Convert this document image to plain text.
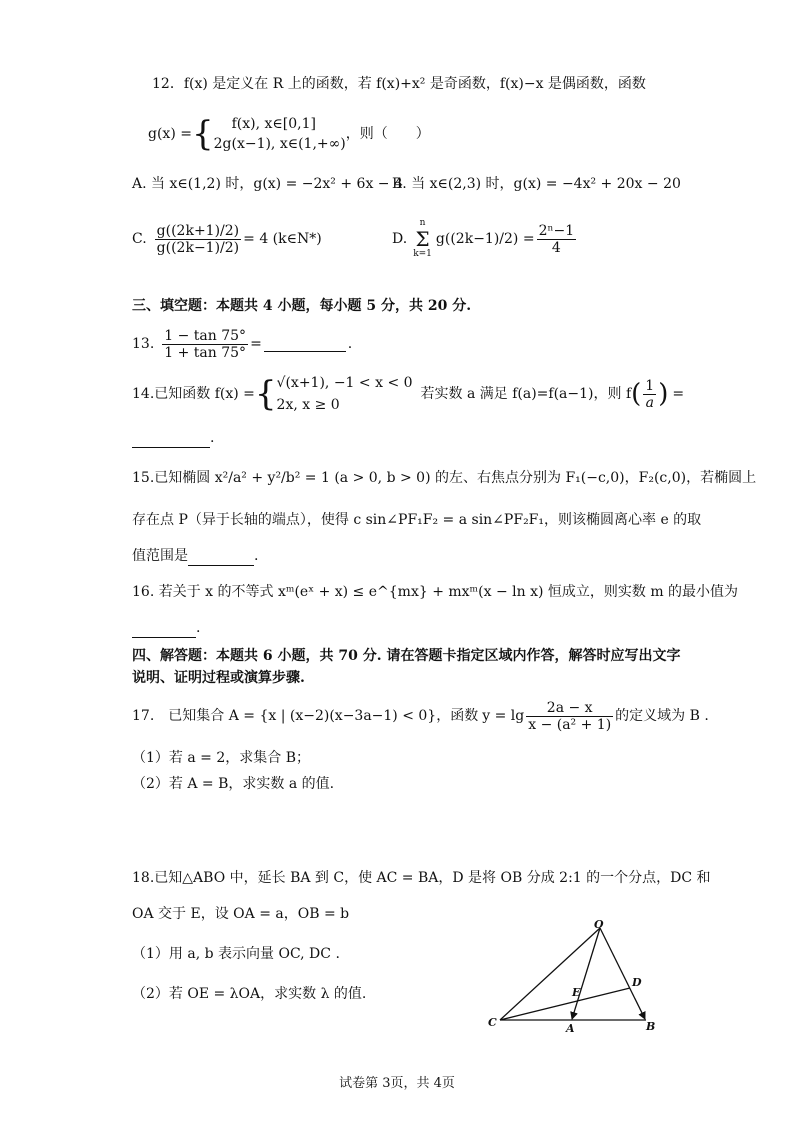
12．f(x) 是定义在 R 上的函数，若 f(x)+x² 是奇函数，f(x)−x 是偶函数，函数
g(x) = {	f(x), x∈[0,1]
2g(x−1), x∈(1,+∞)
，则（　　）
A. 当 x∈(1,2) 时，g(x) = −2x² + 6x − 4
B. 当 x∈(2,3) 时，g(x) = −4x² + 20x − 20
C. $\frac{g((2k+1)/2)}{g((2k-1)/2)} = 4$ (k∈N*)	D.
n
Σ
k=1
$g((2k-1)/2) = \frac{\text{2ⁿ−1}}{4}$
三、填空题：本题共 4 小题，每小题 5 分，共 20 分.
13. $\frac{1 - \tan 75^\circ}{1 + \tan 75^\circ}$ =	.
14.已知函数 f(x) = { √(x+1), −1 < x < 0
2x, x ≥ 0
若实数 a 满足 f(a)=f(a−1)，则 f ( $\frac{1}{a}$ ) =
.
15.已知椭圆 x²/a² + y²/b² = 1 (a > 0, b > 0) 的左、右焦点分别为 F₁(−c,0)，F₂(c,0)，若椭圆上
存在点 P（异于长轴的端点），使得 c sin∠PF₁F₂ = a sin∠PF₂F₁，则该椭圆离心率 e 的取
值范围是	.
16. 若关于 x 的不等式 xᵐ(eˣ + x) ≤ e^{mx} + mxᵐ(x − ln x) 恒成立，则实数 m 的最小值为
.
四、解答题：本题共 6 小题，共 70 分. 请在答题卡指定区域内作答，解答时应写出文字
说明、证明过程或演算步骤.
17.　已知集合 A = {x | (x−2)(x−3a−1) < 0}，函数 $y = \lg \frac{2a - x}{\text{x − (a² + 1)}}$ 的定义域为 B .
（1）若 a = 2，求集合 B；
（2）若 A = B，求实数 a 的值.
18.已知△ABO 中，延长 BA 到 C，使 AC = BA，D 是将 OB 分成 2:1 的一个分点，DC 和
OA 交于 E，设 OA = a，OB = b
（1）用 a, b 表示向量 OC, DC .
（2）若 OE = λOA，求实数 λ 的值.
O
D
E
C	A	B
试卷第 3页，共 4页
